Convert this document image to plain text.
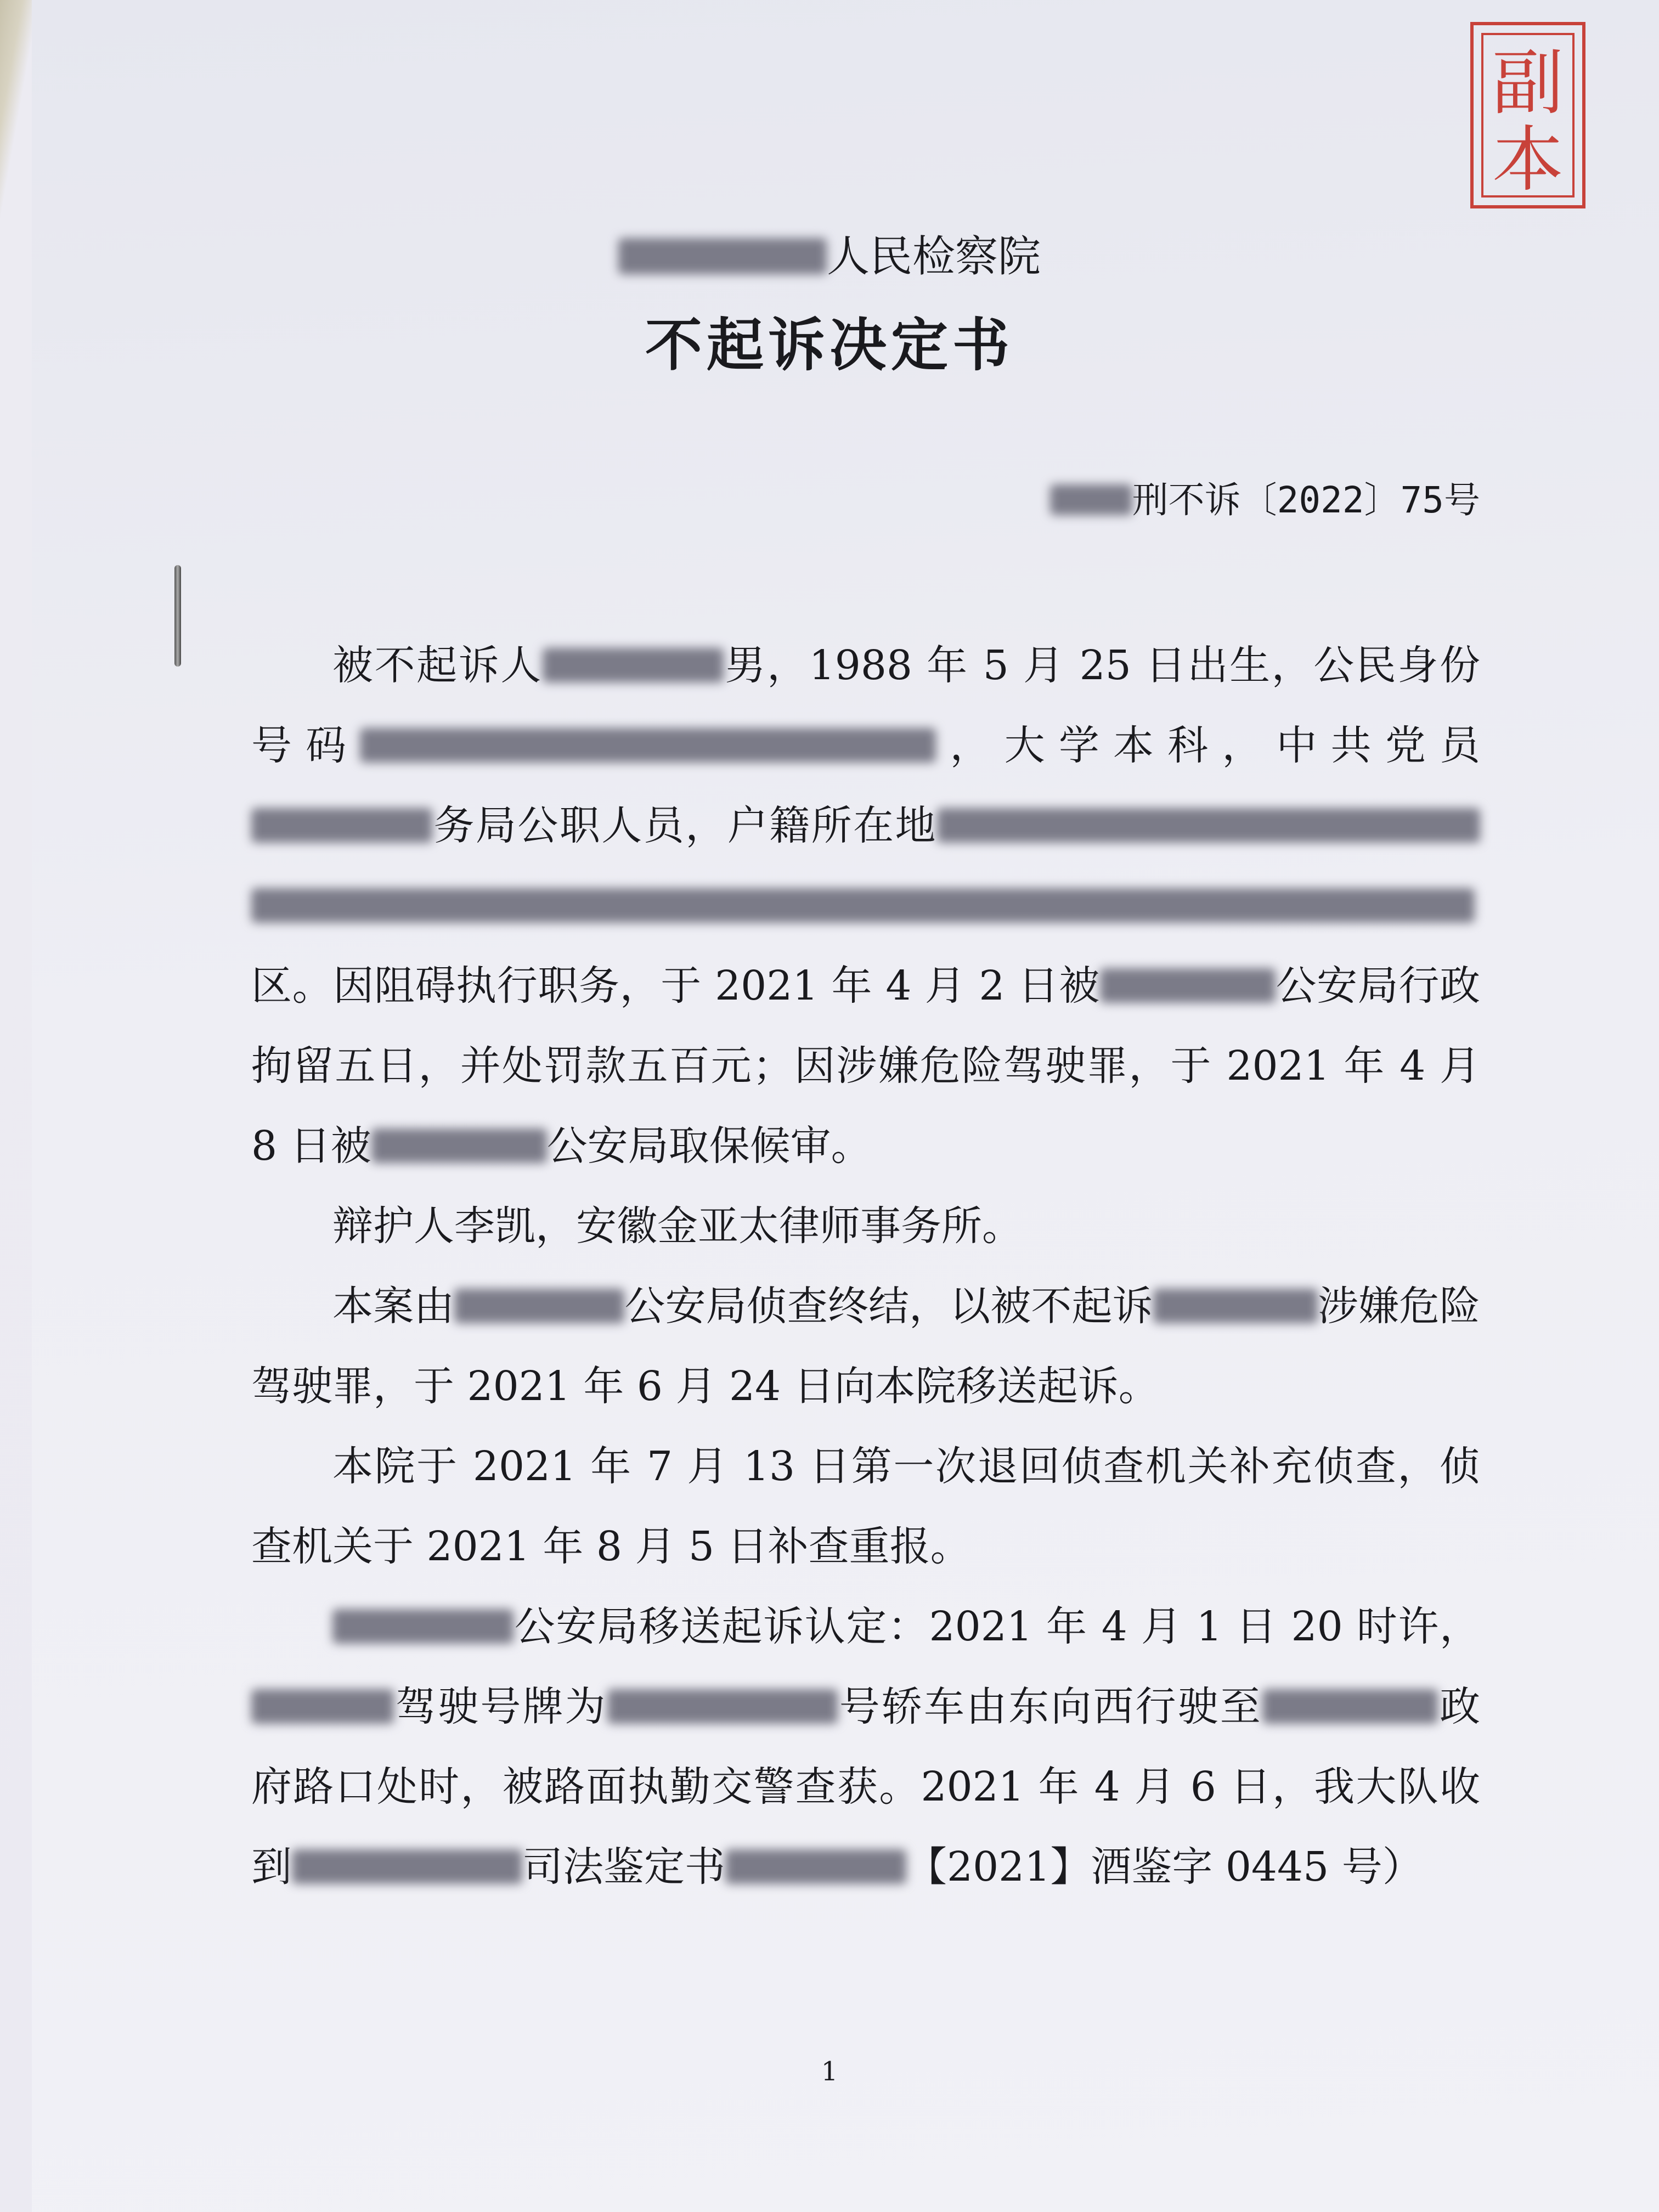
副
本
人民检察院
不起诉决定书
刑不诉〔2022〕75号

被不起诉人	男，1988 年 5 月 25 日出生，公民身份号码	，大学本科，中共党员务局公职人员，户籍所在地区。因阻碍执行职务，于 2021 年 4 月 2 日被	公安局行政拘留五日，并处罚款五百元；因涉嫌危险驾驶罪，于 2021 年 4 月 8 日被	公安局取保候审。

辩护人李凯，安徽金亚太律师事务所。

本案由	公安局侦查终结，以被不起诉	涉嫌危险驾驶罪，于 2021 年 6 月 24 日向本院移送起诉。

本院于 2021 年 7 月 13 日第一次退回侦查机关补充侦查，侦查机关于 2021 年 8 月 5 日补查重报。

公安局移送起诉认定：2021 年 4 月 1 日 20 时许，驾驶号牌为	号轿车由东向西行驶至	政府路口处时，被路面执勤交警查获。2021 年 4 月 6 日，我大队收到	司法鉴定书	【2021】酒鉴字 0445 号）

1
